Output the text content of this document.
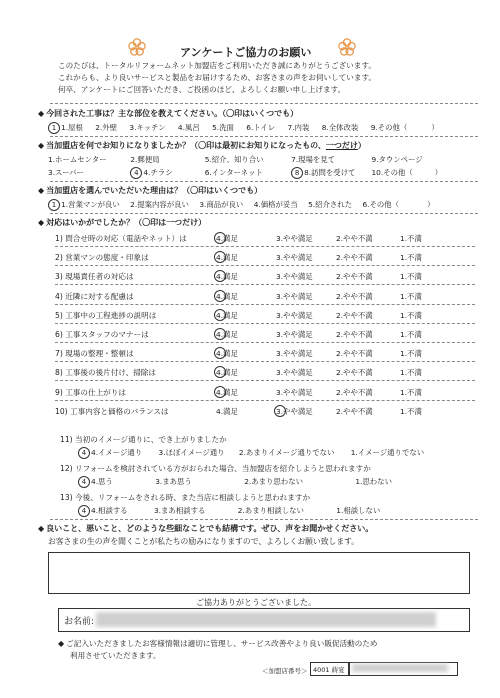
アンケートご協力のお願い
このたびは、トータルリフォームネット加盟店をご利用いただき誠にありがとうございます。
これからも、より良いサービスと製品をお届けするため、お客さまの声をお伺いしています。
何卒、アンケートにご回答いただき、ご投函のほど、よろしくお願い申し上げます。
◆ 今回された工事は？主な部位を教えてください。（〇印はいくつでも）
1 1.屋根 2.外壁 3.キッチン 4.風呂 5.洗面 6.トイレ 7.内装 8.全体改装 9.その他（	）
◆ 当加盟店を何でお知りになりましたか？（〇印は最初にお知りになったもの、一つだけ）
1.ホームセンター	2.郵便局	5.紹介、知り合い	7.現場を見て	9.タウンページ
3.スーパー	4 4.チラシ	6.インターネット	8 8.訪問を受けて 10.その他（	）
◆ 当加盟店を選んでいただいた理由は？（〇印はいくつでも）
1 1.営業マンが良い 2.提案内容が良い 3.商品が良い 4.価格が妥当 5.紹介された 6.その他（	）
◆ 対応はいかがでしたか？（〇印は一つだけ）
1) 問合せ時の対応（電話やネット）は	4.満足	3.やや満足	2.やや不満	1.不満
2) 営業マンの態度・印象は	4.満足	3.やや満足	2.やや不満	1.不満
3) 現場責任者の対応は	4.満足	3.やや満足	2.やや不満	1.不満
4) 近隣に対する配慮は	4.満足	3.やや満足	2.やや不満	1.不満
5) 工事中の工程進捗の説明は	4.満足	3.やや満足	2.やや不満	1.不満
6) 工事スタッフのマナーは	4.満足	3.やや満足	2.やや不満	1.不満
7) 現場の整理・整頓は	4.満足	3.やや満足	2.やや不満	1.不満
8) 工事後の後片付け、掃除は	4.満足	3.やや満足	2.やや不満	1.不満
9) 工事の仕上がりは	4.満足	3.やや満足	2.やや不満	1.不満
10) 工事内容と価格のバランスは	4.満足	3.やや満足	2.やや不満	1.不満
11) 当初のイメージ通りに、でき上がりましたか
4 4.イメージ通り 3.ほぼイメージ通り 2.あまりイメージ通りでない 1.イメージ通りでない
12) リフォームを検討されている方がおられた場合、当加盟店を紹介しようと思われますか
4 4.思う	3.まあ思う	2.あまり思わない	1.思わない
13) 今後、リフォームをされる時、また当店に相談しようと思われますか
4 4.相談する	3.まあ相談する	2.あまり相談しない	1.相談しない
◆ 良いこと、悪いこと、どのような些細なことでも結構です。ぜひ、声をお聞かせください。
お客さまの生の声を聞くことが私たちの励みになりますので、よろしくお願い致します。
ご協力ありがとうございました。
お名前:
◆ ご記入いただきましたお客様情報は適切に管理し、サービス改善やより良い販促活動のため
利用させていただきます。
＜加盟店番号＞ 4001 蒔宴
